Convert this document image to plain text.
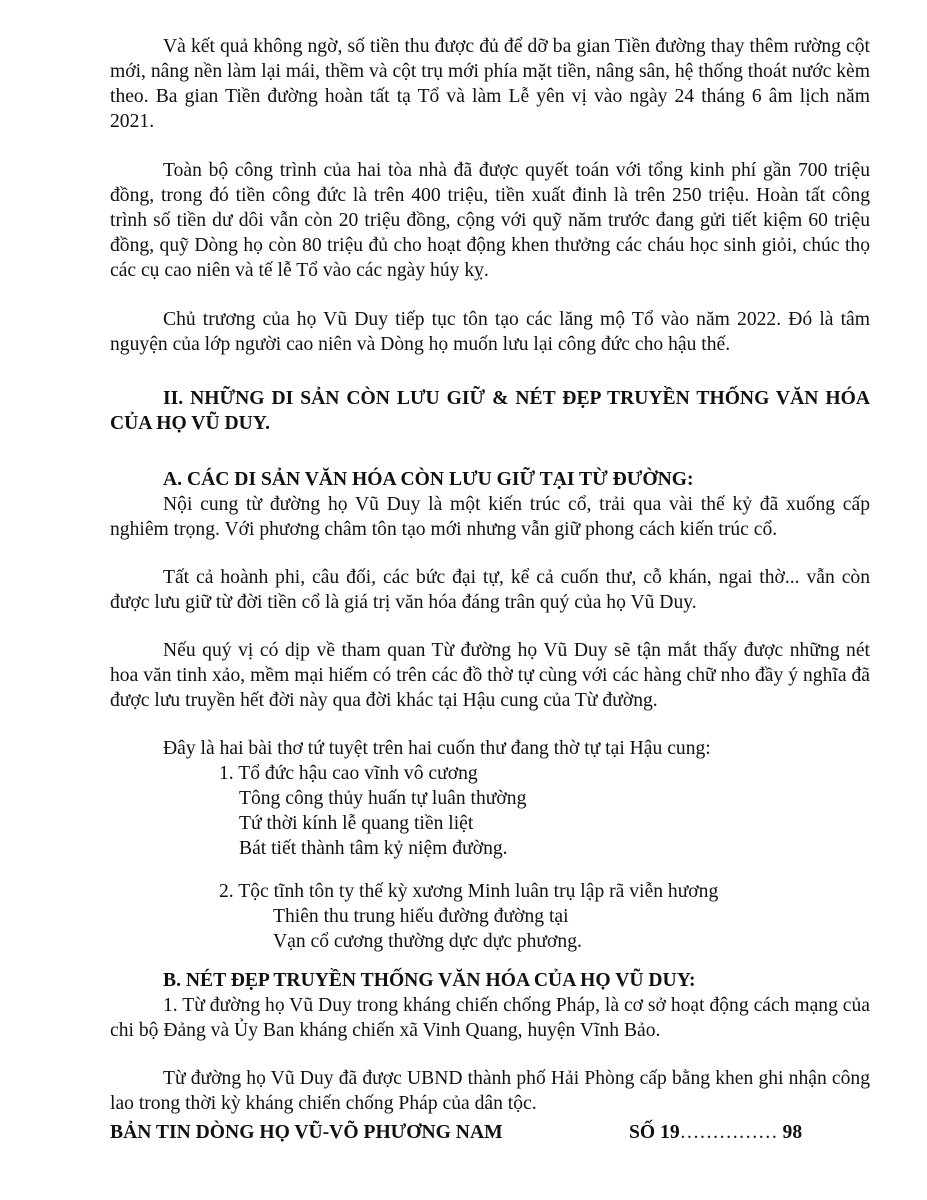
Và kết quả không ngờ, số tiền thu được đủ để dỡ ba gian Tiền đường thay thêm rường cột mới, nâng nền làm lại mái, thềm và cột trụ mới phía mặt tiền, nâng sân, hệ thống thoát nước kèm theo. Ba gian Tiền đường hoàn tất tạ Tổ và làm Lễ yên vị vào ngày 24 tháng 6 âm lịch năm 2021.

Toàn bộ công trình của hai tòa nhà đã được quyết toán với tổng kinh phí gần 700 triệu đồng, trong đó tiền công đức là trên 400 triệu, tiền xuất đinh là trên 250 triệu. Hoàn tất công trình số tiền dư dôi vẫn còn 20 triệu đồng, cộng với quỹ năm trước đang gửi tiết kiệm 60 triệu đồng, quỹ Dòng họ còn 80 triệu đủ cho hoạt động khen thưởng các cháu học sinh giỏi, chúc thọ các cụ cao niên và tế lễ Tổ vào các ngày húy kỵ.

Chủ trương của họ Vũ Duy tiếp tục tôn tạo các lăng mộ Tổ vào năm 2022. Đó là tâm nguyện của lớp người cao niên và Dòng họ muốn lưu lại công đức cho hậu thế.

II. NHỮNG DI SẢN CÒN LƯU GIỮ & NÉT ĐẸP TRUYỀN THỐNG VĂN HÓA CỦA HỌ VŨ DUY.
A. CÁC DI SẢN VĂN HÓA CÒN LƯU GIỮ TẠI TỪ ĐƯỜNG:

Nội cung từ đường họ Vũ Duy là một kiến trúc cổ, trải qua vài thế kỷ đã xuống cấp nghiêm trọng. Với phương châm tôn tạo mới nhưng vẫn giữ phong cách kiến trúc cổ.

Tất cả hoành phi, câu đối, các bức đại tự, kể cả cuốn thư, cỗ khán, ngai thờ... vẫn còn được lưu giữ từ đời tiền cổ là giá trị văn hóa đáng trân quý của họ Vũ Duy.

Nếu quý vị có dịp về tham quan Từ đường họ Vũ Duy sẽ tận mắt thấy được những nét hoa văn tinh xảo, mềm mại hiếm có trên các đồ thờ tự cùng với các hàng chữ nho đầy ý nghĩa đã được lưu truyền hết đời này qua đời khác tại Hậu cung của Từ đường.

Đây là hai bài thơ tứ tuyệt trên hai cuốn thư đang thờ tự tại Hậu cung:

1. Tổ đức hậu cao vĩnh vô cương
Tông công thủy huấn tự luân thường
Tứ thời kính lễ quang tiền liệt
Bát tiết thành tâm kỷ niệm đường.
2. Tộc tĩnh tôn ty thế kỳ xương Minh luân trụ lập rã viễn hương
Thiên thu trung hiếu đường đường tại
Vạn cổ cương thường dực dực phương.
B. NÉT ĐẸP TRUYỀN THỐNG VĂN HÓA CỦA HỌ VŨ DUY:

1. Từ đường họ Vũ Duy trong kháng chiến chống Pháp, là cơ sở hoạt động cách mạng của chi bộ Đảng và Ủy Ban kháng chiến xã Vinh Quang, huyện Vĩnh Bảo.

Từ đường họ Vũ Duy đã được UBND thành phố Hải Phòng cấp bằng khen ghi nhận công lao trong thời kỳ kháng chiến chống Pháp của dân tộc.

BẢN TIN DÒNG HỌ VŨ-VÕ PHƯƠNG NAM	SỐ 19…………… 98
